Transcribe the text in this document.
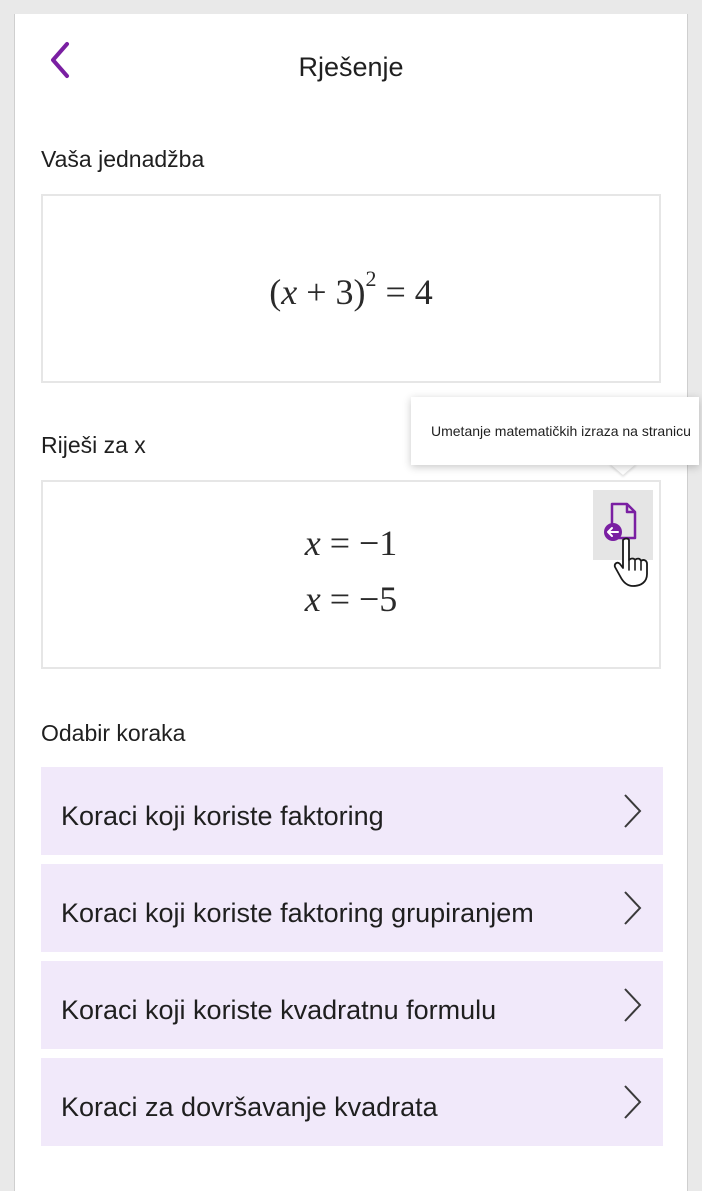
Rješenje
Vaša jednadžba
$(x + 3)^2 = 4$
Riješi za x
x = −1
x = −5
Umetanje matematičkih izraza na stranicu
Odabir koraka
Koraci koji koriste faktoring
Koraci koji koriste faktoring grupiranjem
Koraci koji koriste kvadratnu formulu
Koraci za dovršavanje kvadrata
